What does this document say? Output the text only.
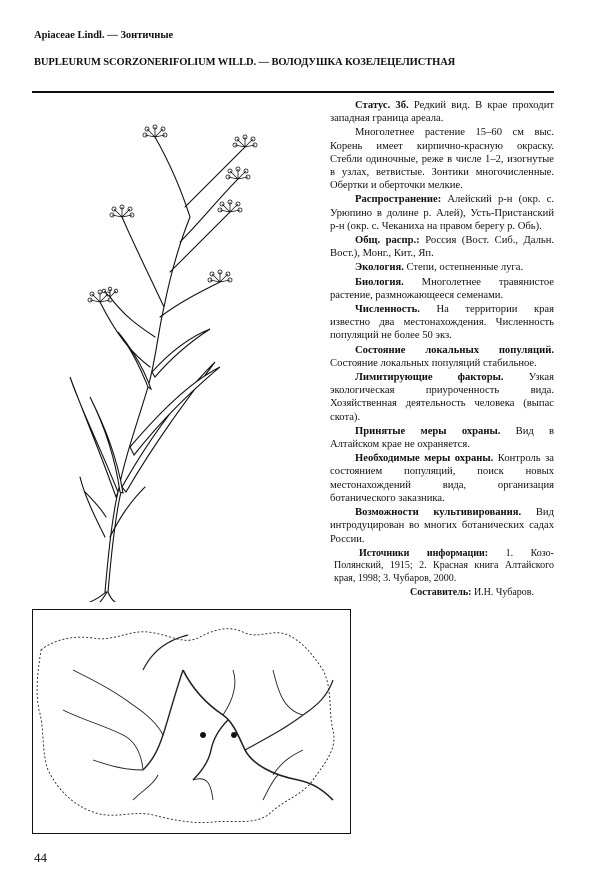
Apiaceae Lindl. — Зонтичные
BUPLEURUM SCORZONERIFOLIUM WILLD. — ВОЛОДУШКА КОЗЕЛЕЦЕЛИСТНАЯ

Статус. 3б. Редкий вид. В крае проходит западная граница ареала.

Многолетнее растение 15–60 см выс. Корень имеет кирпично-красную окраску. Стебли одиночные, реже в числе 1–2, изогнутые в узлах, ветвистые. Зонтики многочисленные. Обертки и оберточки мелкие.

Распространение: Алейский р-н (окр. с. Урюпино в долине р. Алей), Усть-Пристанский р-н (окр. с. Чеканиха на правом берегу р. Обь).

Общ. распр.: Россия (Вост. Сиб., Дальн. Вост.), Монг., Кит., Яп.

Экология. Степи, остепненные луга.

Биология. Многолетнее травянистое растение, размножающееся семенами.

Численность. На территории края известно два местонахождения. Численность популяций не более 50 экз.

Состояние локальных популяций. Состояние локальных популяций стабильное.

Лимитирующие факторы. Узкая экологическая приуроченность вида. Хозяйственная деятельность человека (выпас скота).

Принятые меры охраны. Вид в Алтайском крае не охраняется.

Необходимые меры охраны. Контроль за состоянием популяций, поиск новых местонахождений вида, организация ботанического заказника.

Возможности культивирования. Вид интродуцирован во многих ботанических садах России.

Источники информации: 1. Козо-Полянский, 1915; 2. Красная книга Алтайского края, 1998; 3. Чубаров, 2000.

Составитель: И.Н. Чубаров.

44
